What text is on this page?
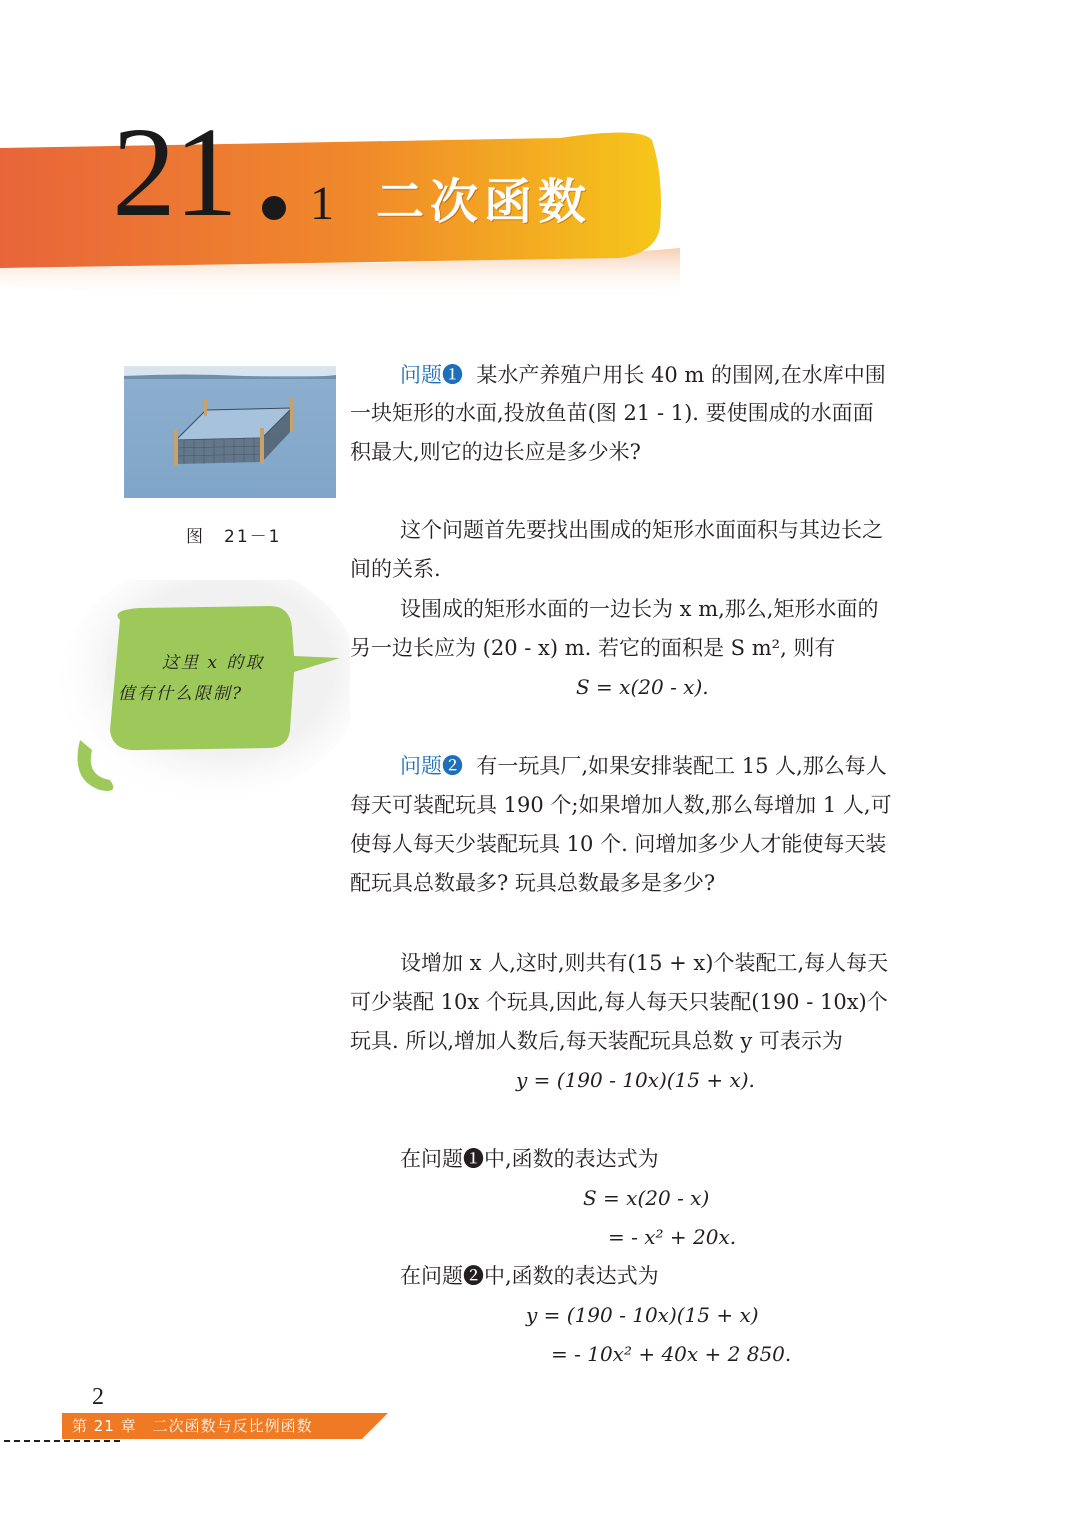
21 1 二次函数
图　21－1
这里 x 的取
值有什么限制?
问题❶ 某水产养殖户用长 40 m 的围网,在水库中围
一块矩形的水面,投放鱼苗(图 21 - 1). 要使围成的水面面
积最大,则它的边长应是多少米?
这个问题首先要找出围成的矩形水面面积与其边长之
间的关系.
设围成的矩形水面的一边长为 x m,那么,矩形水面的
另一边长应为 (20 - x) m. 若它的面积是 S m², 则有
S = x(20 - x).
问题❷ 有一玩具厂,如果安排装配工 15 人,那么每人
每天可装配玩具 190 个;如果增加人数,那么每增加 1 人,可
使每人每天少装配玩具 10 个. 问增加多少人才能使每天装
配玩具总数最多? 玩具总数最多是多少?
设增加 x 人,这时,则共有(15 + x)个装配工,每人每天
可少装配 10x 个玩具,因此,每人每天只装配(190 - 10x)个
玩具. 所以,增加人数后,每天装配玩具总数 y 可表示为
y = (190 - 10x)(15 + x).
在问题❶中,函数的表达式为
S = x(20 - x)
= - x² + 20x.
在问题❷中,函数的表达式为
y = (190 - 10x)(15 + x)
= - 10x² + 40x + 2 850.
2
第 21 章　二次函数与反比例函数
